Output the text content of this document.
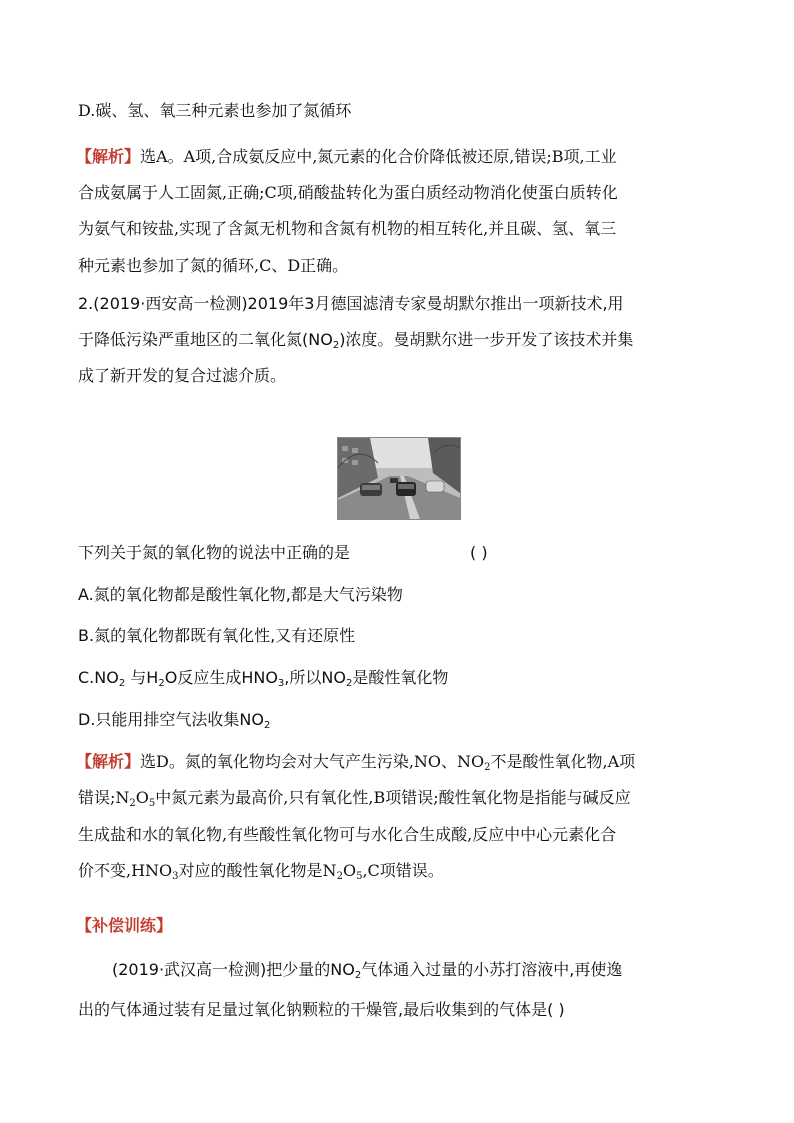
D.碳、氢、氧三种元素也参加了氮循环
【解析】选A。A项,合成氨反应中,氮元素的化合价降低被还原,错误;B项,工业
合成氨属于人工固氮,正确;C项,硝酸盐转化为蛋白质经动物消化使蛋白质转化
为氨气和铵盐,实现了含氮无机物和含氮有机物的相互转化,并且碳、氢、氧三
种元素也参加了氮的循环,C、D正确。
2.(2019·西安高一检测)2019年3月德国滤清专家曼胡默尔推出一项新技术,用
于降低污染严重地区的二氧化氮$(NO_2)$浓度。曼胡默尔进一步开发了该技术并集
成了新开发的复合过滤介质。
下列关于氮的氧化物的说法中正确的是	( )
A.氮的氧化物都是酸性氧化物,都是大气污染物
B.氮的氧化物都既有氧化性,又有还原性
$C.NO_2$ 与$H_2O$反应生成$HNO_3$,所以$NO_2$是酸性氧化物
D.只能用排空气法收集$NO_2$
【解析】选D。氮的氧化物均会对大气产生污染,NO、$NO_2$不是酸性氧化物,A项
错误$;N_2O_5$中氮元素为最高价,只有氧化性,B项错误;酸性氧化物是指能与碱反应
生成盐和水的氧化物,有些酸性氧化物可与水化合生成酸,反应中中心元素化合
价不变$,HNO_3$对应的酸性氧化物是$N_2O_5,C$项错误。
【补偿训练】
(2019·武汉高一检测)把少量的$NO_2$气体通入过量的小苏打溶液中,再使逸
出的气体通过装有足量过氧化钠颗粒的干燥管,最后收集到的气体是( )
